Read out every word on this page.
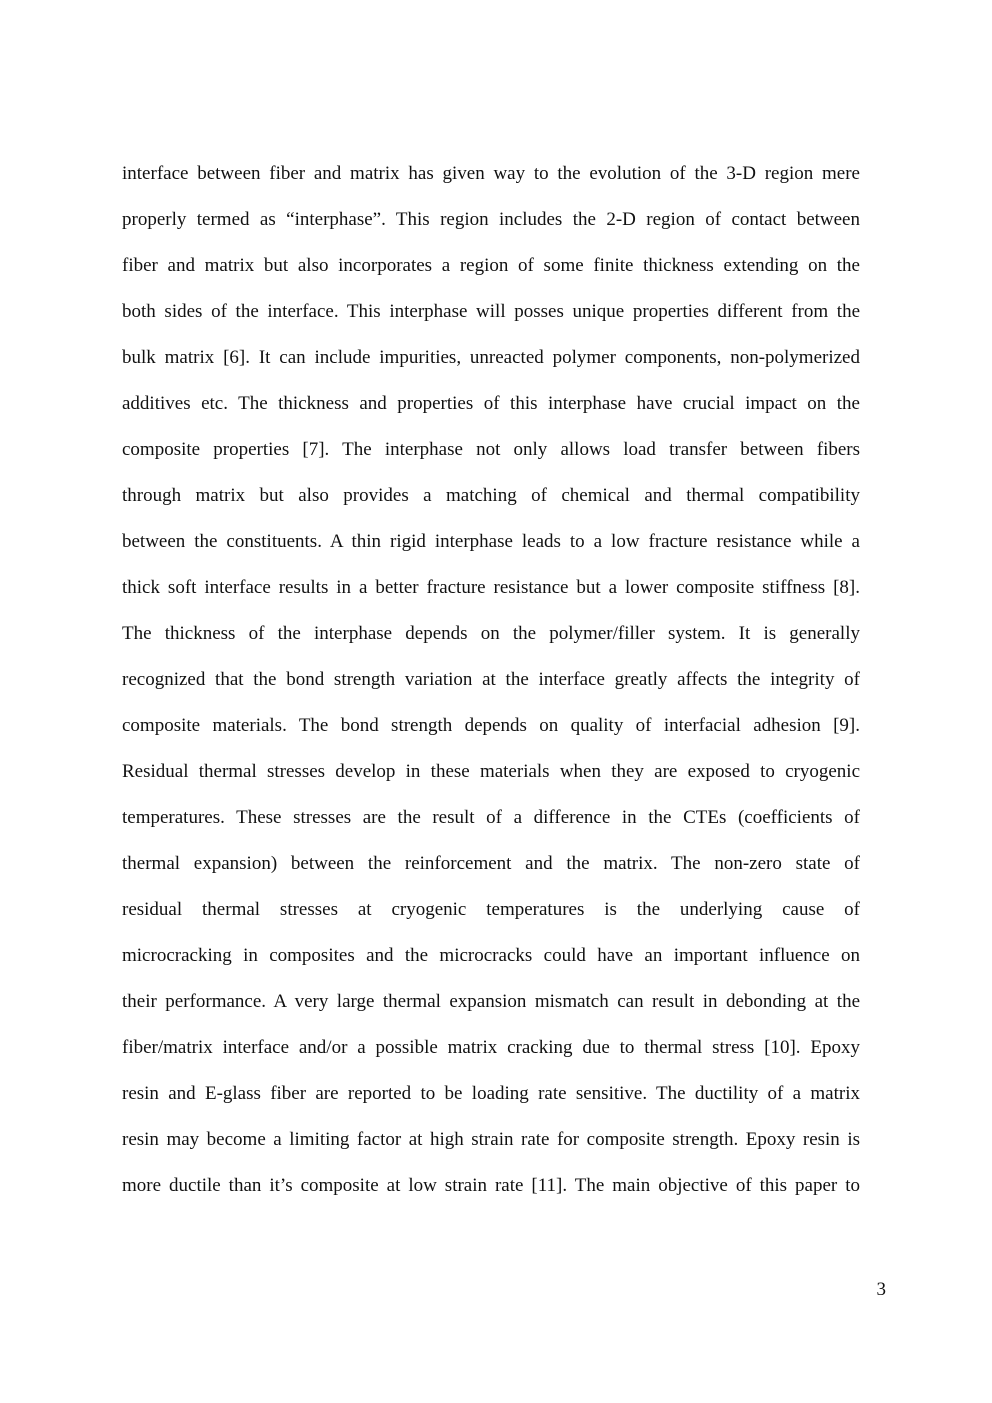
interface between fiber and matrix has given way to the evolution of the 3-D region mere
properly termed as “interphase”. This region includes the 2-D region of contact between
fiber and matrix but also incorporates a region of some finite thickness extending on the
both sides of the interface. This interphase will posses unique properties different from the
bulk matrix [6]. It can include impurities, unreacted polymer components, non-polymerized
additives etc. The thickness and properties of this interphase have crucial impact on the
composite properties [7]. The interphase not only allows load transfer between fibers
through matrix but also provides a matching of chemical and thermal compatibility
between the constituents. A thin rigid interphase leads to a low fracture resistance while a
thick soft interface results in a better fracture resistance but a lower composite stiffness [8].
The thickness of the interphase depends on the polymer/filler system. It is generally
recognized that the bond strength variation at the interface greatly affects the integrity of
composite materials. The bond strength depends on quality of interfacial adhesion [9].
Residual thermal stresses develop in these materials when they are exposed to cryogenic
temperatures. These stresses are the result of a difference in the CTEs (coefficients of
thermal expansion) between the reinforcement and the matrix. The non-zero state of
residual thermal stresses at cryogenic temperatures is the underlying cause of
microcracking in composites and the microcracks could have an important influence on
their performance. A very large thermal expansion mismatch can result in debonding at the
fiber/matrix interface and/or a possible matrix cracking due to thermal stress [10]. Epoxy
resin and E-glass fiber are reported to be loading rate sensitive. The ductility of a matrix
resin may become a limiting factor at high strain rate for composite strength. Epoxy resin is
more ductile than it’s composite at low strain rate [11]. The main objective of this paper to
3
